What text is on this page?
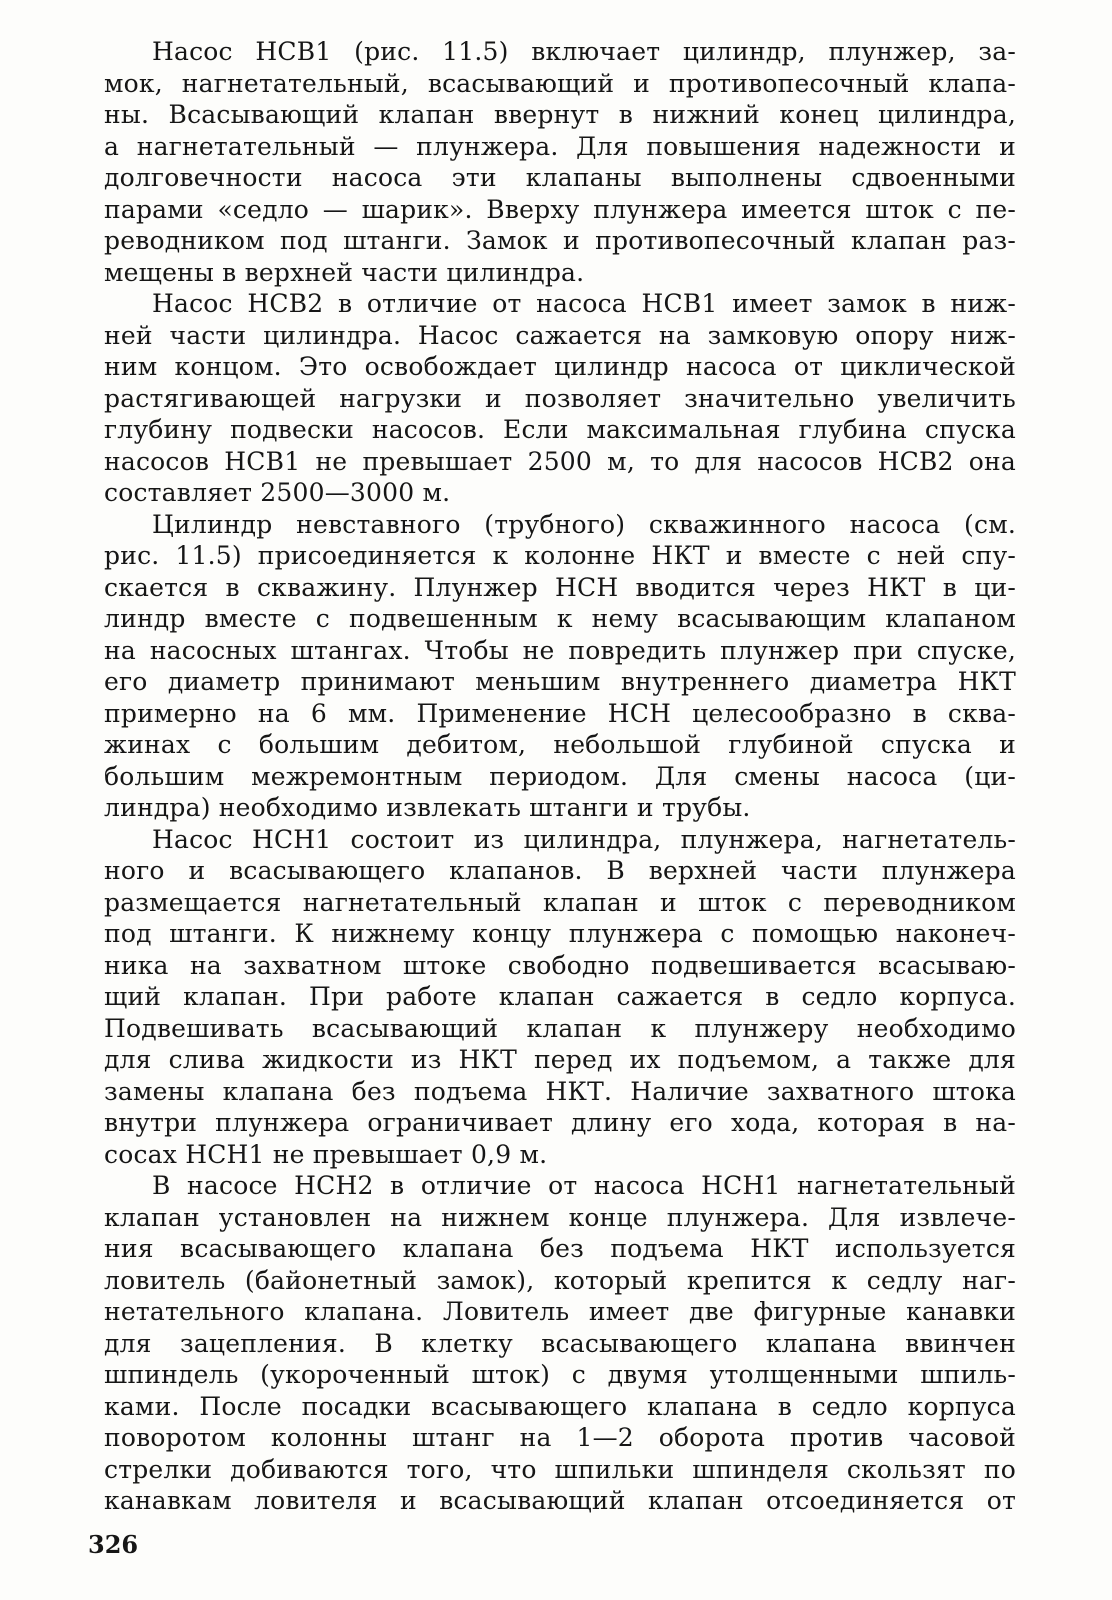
Насос НСВ1 (рис. 11.5) включает цилиндр, плунжер, за-
мок, нагнетательный, всасывающий и противопесочный клапа-
ны. Всасывающий клапан ввернут в нижний конец цилиндра,
а нагнетательный — плунжера. Для повышения надежности и
долговечности насоса эти клапаны выполнены сдвоенными
парами «седло — шарик». Вверху плунжера имеется шток с пе-
реводником под штанги. Замок и противопесочный клапан раз-
мещены в верхней части цилиндра.
Насос НСВ2 в отличие от насоса НСВ1 имеет замок в ниж-
ней части цилиндра. Насос сажается на замковую опору ниж-
ним концом. Это освобождает цилиндр насоса от циклической
растягивающей нагрузки и позволяет значительно увеличить
глубину подвески насосов. Если максимальная глубина спуска
насосов НСВ1 не превышает 2500 м, то для насосов НСВ2 она
составляет 2500—3000 м.
Цилиндр невставного (трубного) скважинного насоса (см.
рис. 11.5) присоединяется к колонне НКТ и вместе с ней спу-
скается в скважину. Плунжер НСН вводится через НКТ в ци-
линдр вместе с подвешенным к нему всасывающим клапаном
на насосных штангах. Чтобы не повредить плунжер при спуске,
его диаметр принимают меньшим внутреннего диаметра НКТ
примерно на 6 мм. Применение НСН целесообразно в сква-
жинах с большим дебитом, небольшой глубиной спуска и
большим межремонтным периодом. Для смены насоса (ци-
линдра) необходимо извлекать штанги и трубы.
Насос НСН1 состоит из цилиндра, плунжера, нагнетатель-
ного и всасывающего клапанов. В верхней части плунжера
размещается нагнетательный клапан и шток с переводником
под штанги. К нижнему концу плунжера с помощью наконеч-
ника на захватном штоке свободно подвешивается всасываю-
щий клапан. При работе клапан сажается в седло корпуса.
Подвешивать всасывающий клапан к плунжеру необходимо
для слива жидкости из НКТ перед их подъемом, а также для
замены клапана без подъема НКТ. Наличие захватного штока
внутри плунжера ограничивает длину его хода, которая в на-
сосах НСН1 не превышает 0,9 м.
В насосе НСН2 в отличие от насоса НСН1 нагнетательный
клапан установлен на нижнем конце плунжера. Для извлече-
ния всасывающего клапана без подъема НКТ используется
ловитель (байонетный замок), который крепится к седлу наг-
нетательного клапана. Ловитель имеет две фигурные канавки
для зацепления. В клетку всасывающего клапана ввинчен
шпиндель (укороченный шток) с двумя утолщенными шпиль-
ками. После посадки всасывающего клапана в седло корпуса
поворотом колонны штанг на 1—2 оборота против часовой
стрелки добиваются того, что шпильки шпинделя скользят по
канавкам ловителя и всасывающий клапан отсоединяется от
326
